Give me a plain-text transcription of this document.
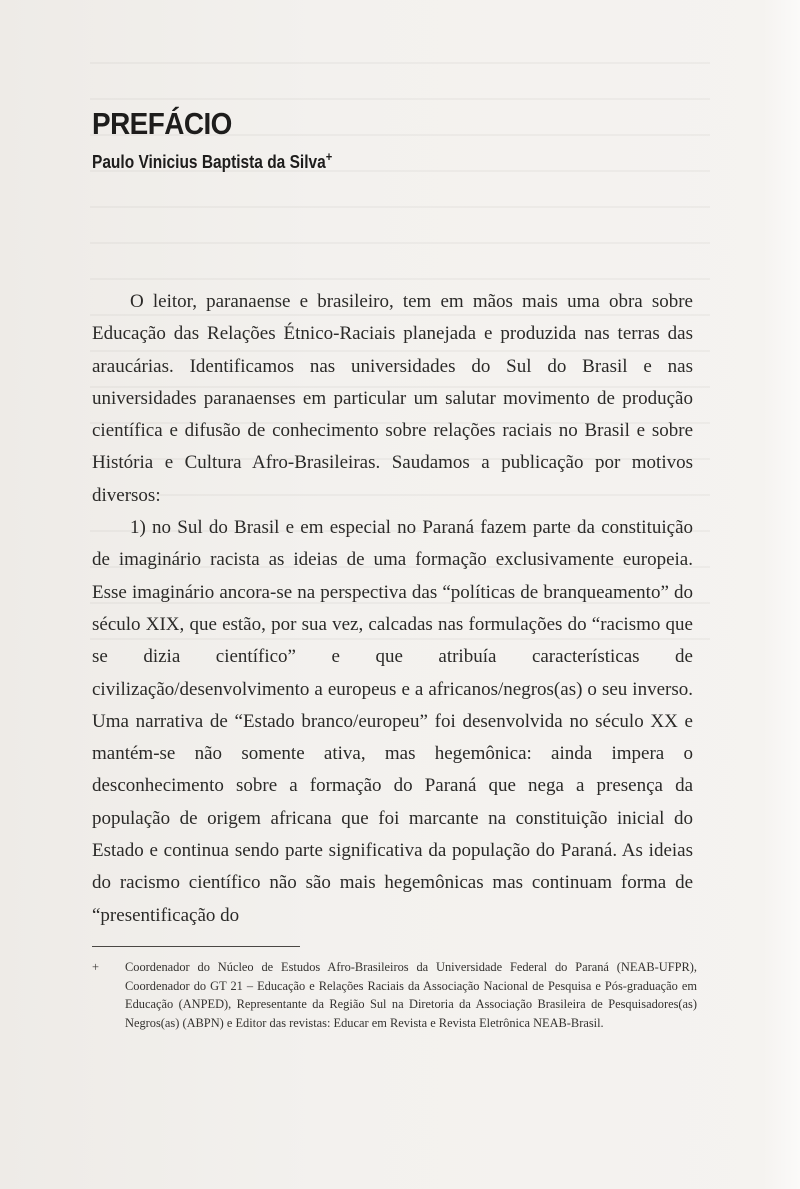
PREFÁCIO
Paulo Vinicius Baptista da Silva+

O leitor, paranaense e brasileiro, tem em mãos mais uma obra sobre Educação das Relações Étnico-Raciais planejada e produzida nas terras das araucárias. Identificamos nas universidades do Sul do Brasil e nas universidades paranaenses em particular um salutar movimento de produção científica e difusão de conhecimento sobre relações raciais no Brasil e sobre História e Cultura Afro-Brasileiras. Saudamos a publicação por motivos diversos:

1) no Sul do Brasil e em especial no Paraná fazem parte da constituição de imaginário racista as ideias de uma formação exclusivamente europeia. Esse imaginário ancora-se na perspectiva das “políticas de branqueamento” do século XIX, que estão, por sua vez, calcadas nas formulações do “racismo que se dizia científico” e que atribuía características de civilização/desenvolvimento a europeus e a africanos/negros(as) o seu inverso. Uma narrativa de “Estado branco/europeu” foi desenvolvida no século XX e mantém-se não somente ativa, mas hegemônica: ainda impera o desconhecimento sobre a formação do Paraná que nega a presença da população de origem africana que foi marcante na constituição inicial do Estado e continua sendo parte significativa da população do Paraná. As ideias do racismo científico não são mais hegemônicas mas continuam forma de “presentificação do

+	Coordenador do Núcleo de Estudos Afro-Brasileiros da Universidade Federal do Paraná (NEAB-UFPR), Coordenador do GT 21 – Educação e Relações Raciais da Associação Nacional de Pesquisa e Pós-graduação em Educação (ANPED), Representante da Região Sul na Diretoria da Associação Brasileira de Pesquisadores(as) Negros(as) (ABPN) e Editor das revistas: Educar em Revista e Revista Eletrônica NEAB-Brasil.
